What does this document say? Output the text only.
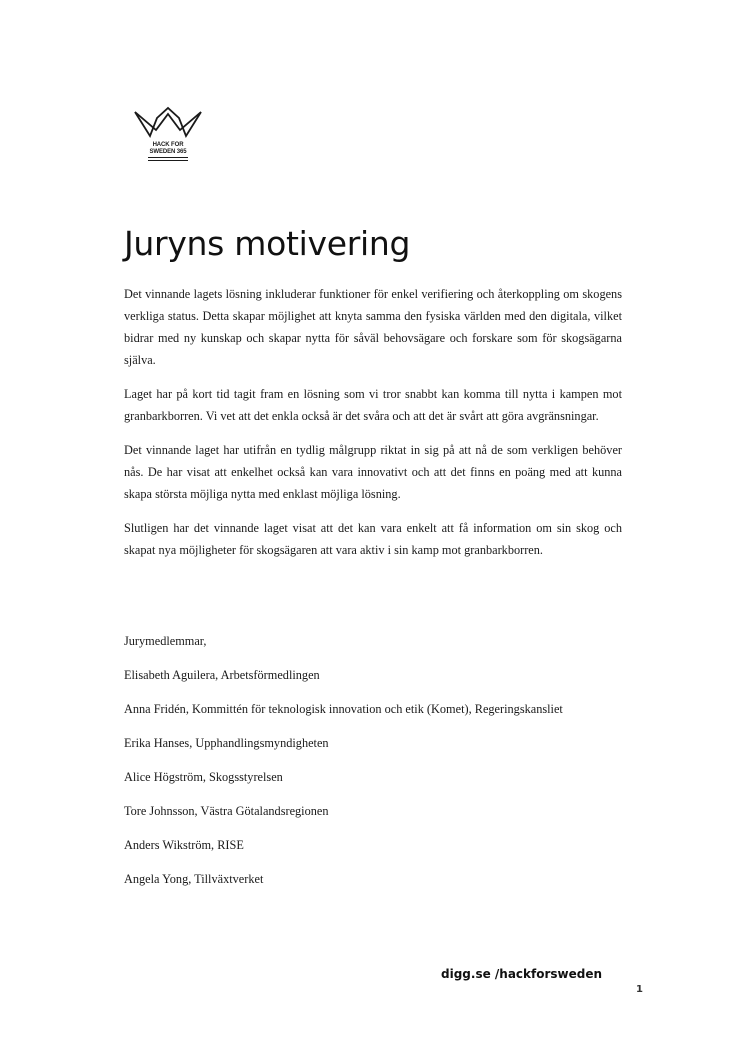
HACK FOR
SWEDEN 365
Juryns motivering

Det vinnande lagets lösning inkluderar funktioner för enkel verifiering och återkoppling om skogens verkliga status. Detta skapar möjlighet att knyta samma den fysiska världen med den digitala, vilket bidrar med ny kunskap och skapar nytta för såväl behovsägare och forskare som för skogsägarna själva.

Laget har på kort tid tagit fram en lösning som vi tror snabbt kan komma till nytta i kampen mot granbarkborren. Vi vet att det enkla också är det svåra och att det är svårt att göra avgränsningar.

Det vinnande laget har utifrån en tydlig målgrupp riktat in sig på att nå de som verkligen behöver nås. De har visat att enkelhet också kan vara innovativt och att det finns en poäng med att kunna skapa största möjliga nytta med enklast möjliga lösning.

Slutligen har det vinnande laget visat att det kan vara enkelt att få information om sin skog och skapat nya möjligheter för skogsägaren att vara aktiv i sin kamp mot granbarkborren.

Jurymedlemmar,
Elisabeth Aguilera, Arbetsförmedlingen
Anna Fridén, Kommittén för teknologisk innovation och etik (Komet), Regeringskansliet
Erika Hanses, Upphandlingsmyndigheten
Alice Högström, Skogsstyrelsen
Tore Johnsson, Västra Götalandsregionen
Anders Wikström, RISE
Angela Yong, Tillväxtverket
digg.se /hackforsweden
1
